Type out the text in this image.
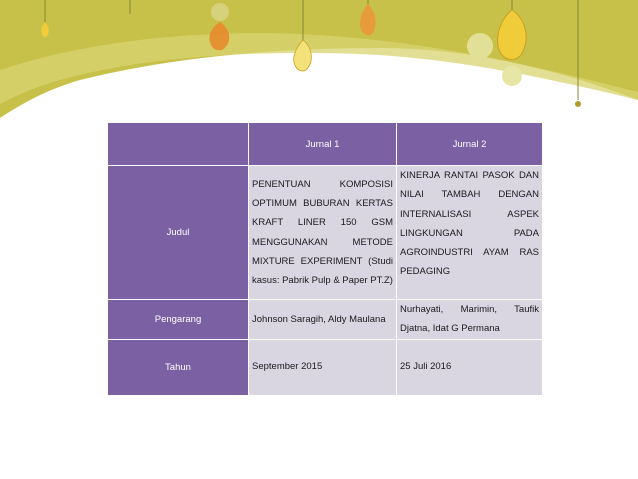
	Jurnal 1	Jurnal 2
Judul	PENENTUAN KOMPOSISI OPTIMUM BUBURAN KERTAS KRAFT LINER 150 GSM MENGGUNAKAN METODE MIXTURE EXPERIMENT (Studi kasus: Pabrik Pulp & Paper PT.Z)	KINERJA RANTAI PASOK DAN NILAI TAMBAH DENGAN INTERNALISASI ASPEK LINGKUNGAN PADA AGROINDUSTRI AYAM RAS PEDAGING
Pengarang	Johnson Saragih, Aldy Maulana	Nurhayati, Marimin, Taufik Djatna, Idat G Permana
Tahun	September 2015	25 Juli 2016
